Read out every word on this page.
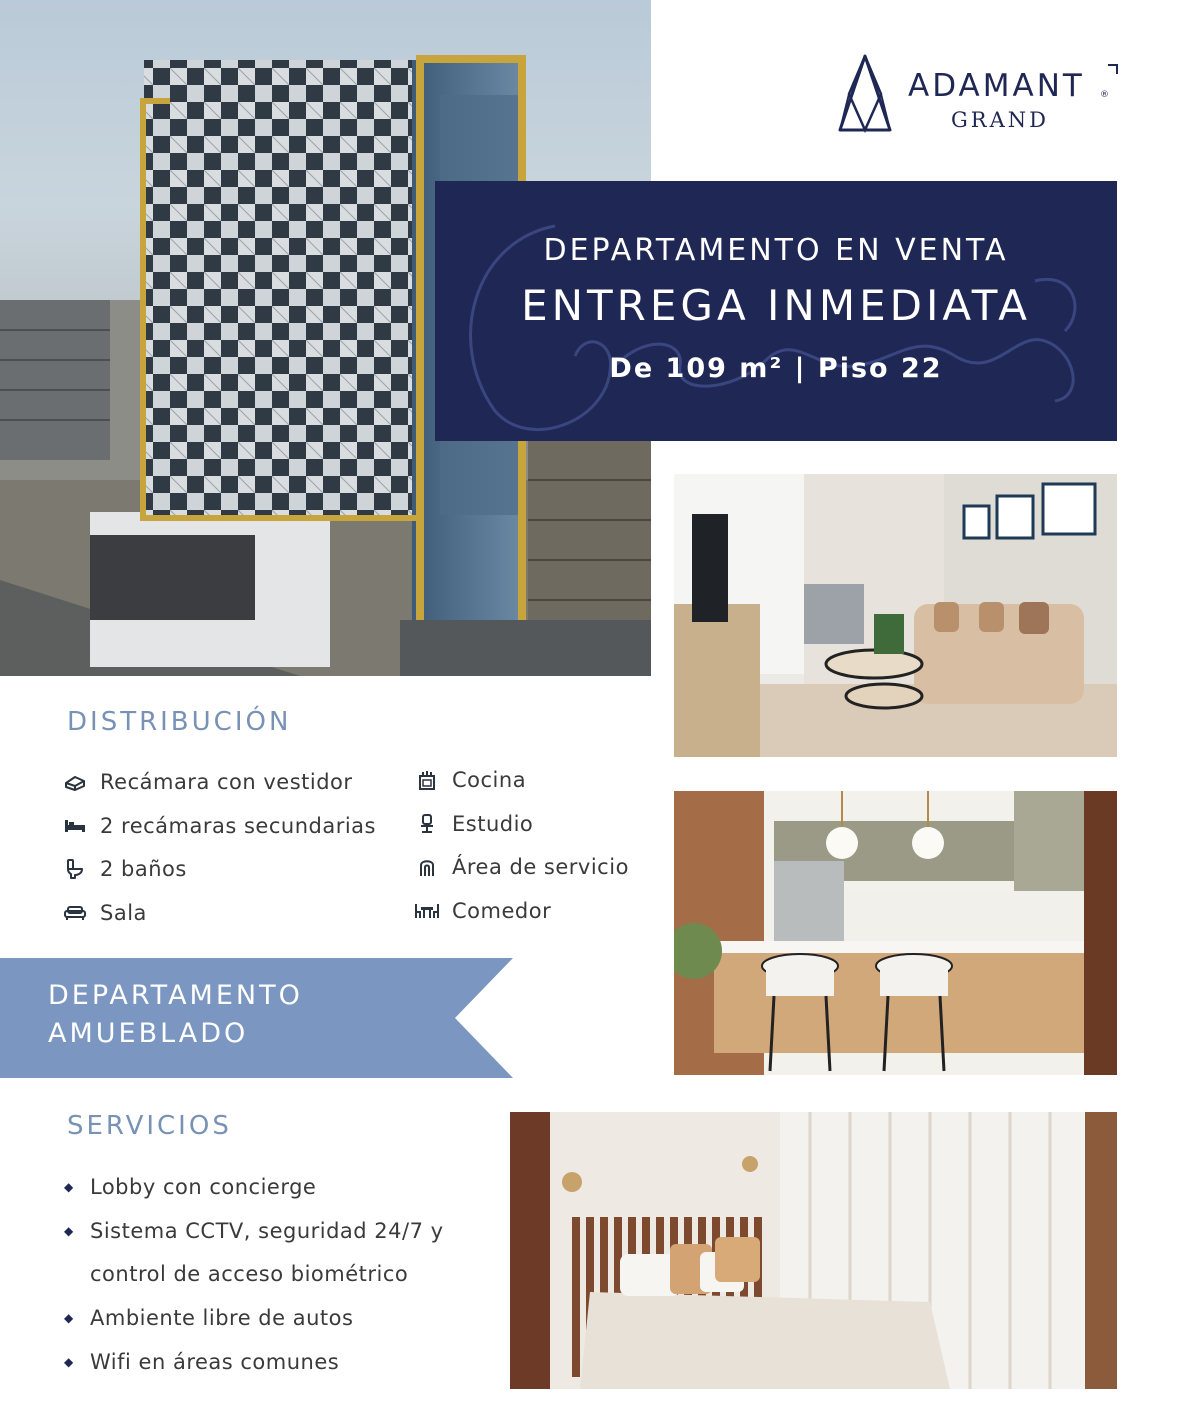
ADAMANT ®
GRAND
DEPARTAMENTO EN VENTA
ENTREGA INMEDIATA
De 109 m² | Piso 22
DISTRIBUCIÓN
Recámara con vestidor
2 recámaras secundarias
2 baños
Sala
Cocina
Estudio
Área de servicio
Comedor
DEPARTAMENTO
AMUEBLADO
SERVICIOS
◆ Lobby con concierge
◆ Sistema CCTV, seguridad 24/7 y control de acceso biométrico
◆ Ambiente libre de autos
◆ Wifi en áreas comunes
